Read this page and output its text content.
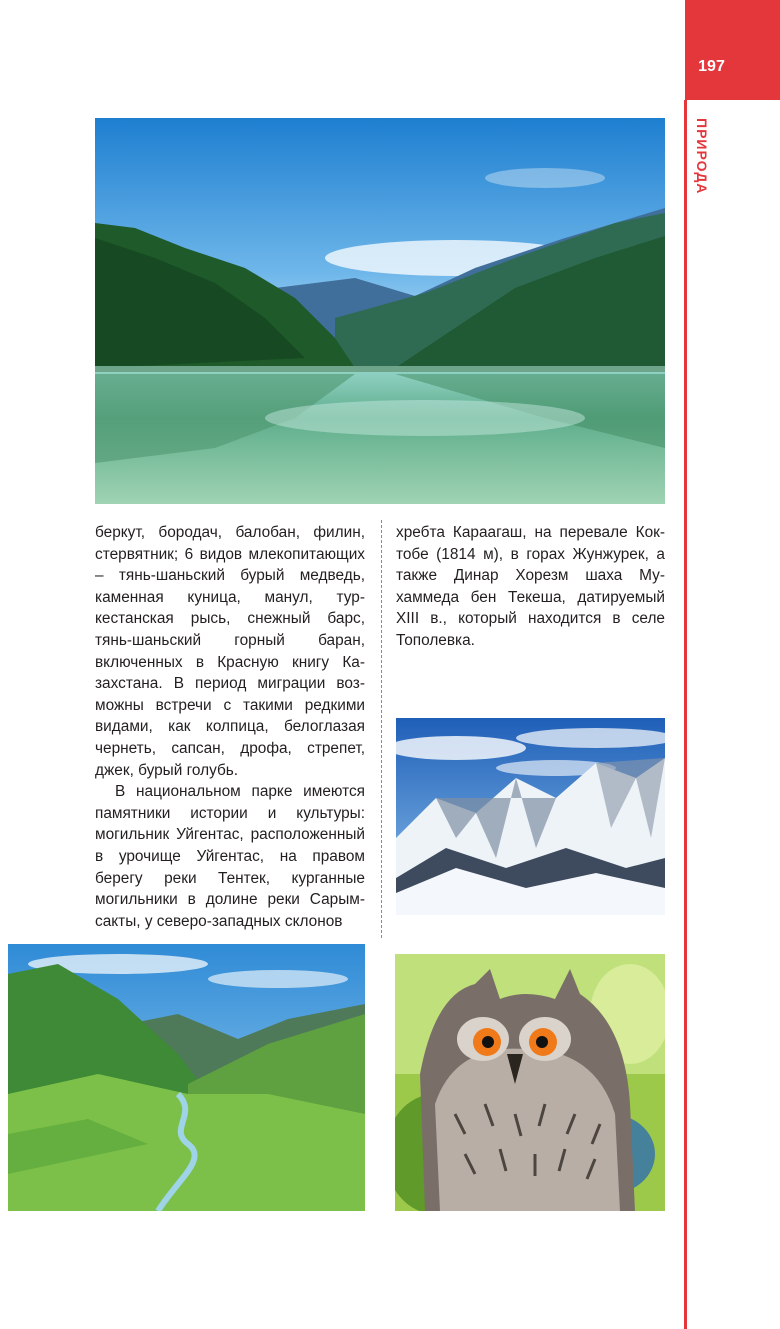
197
ПРИРОДА

беркут, бородач, балобан, филин, стервятник; 6 видов млекопитающих – тянь-шаньский бурый медведь, каменная куница, манул, туркестанская рысь, снежный барс, тянь-шаньский горный баран, включенных в Красную книгу Казахстана. В период миграции возможны встречи с такими редкими видами, как колпица, белоглазая чернеть, сапсан, дрофа, стрепет, джек, бурый голубь.

В национальном парке имеются памятники истории и культуры: могильник Уйгентас, расположенный в урочище Уйгентас, на правом берегу реки Тентек, курганные могильники в долине реки Сарымсакты, у северо-западных склонов

хребта Караагаш, на перевале Коктобе (1814 м), в горах Жунжурек, а также Динар Хорезм шаха Мухаммеда бен Текеша, датируемый XIII в., который находится в селе Тополевка.
